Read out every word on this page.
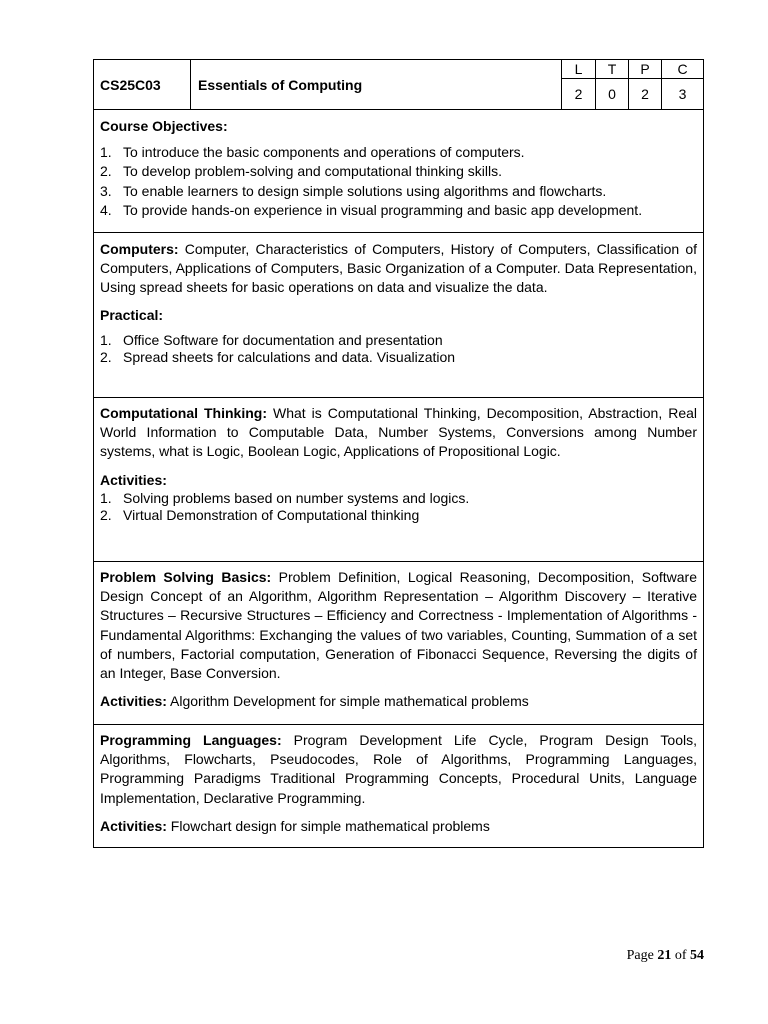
CS25C03	Essentials of Computing
L	T	P	C
2	0	2	3

Course Objectives:

1. To introduce the basic components and operations of computers.
2. To develop problem-solving and computational thinking skills.
3. To enable learners to design simple solutions using algorithms and flowcharts.
4. To provide hands-on experience in visual programming and basic app development.

Computers: Computer, Characteristics of Computers, History of Computers, Classification of Computers, Applications of Computers, Basic Organization of a Computer. Data Representation, Using spread sheets for basic operations on data and visualize the data.

Practical:

1. Office Software for documentation and presentation
2. Spread sheets for calculations and data. Visualization

Computational Thinking: What is Computational Thinking, Decomposition, Abstraction, Real World Information to Computable Data, Number Systems, Conversions among Number systems, what is Logic, Boolean Logic, Applications of Propositional Logic.

Activities:

1. Solving problems based on number systems and logics.
2. Virtual Demonstration of Computational thinking

Problem Solving Basics: Problem Definition, Logical Reasoning, Decomposition, Software Design Concept of an Algorithm, Algorithm Representation – Algorithm Discovery – Iterative Structures – Recursive Structures – Efficiency and Correctness - Implementation of Algorithms - Fundamental Algorithms: Exchanging the values of two variables, Counting, Summation of a set of numbers, Factorial computation, Generation of Fibonacci Sequence, Reversing the digits of an Integer, Base Conversion.

Activities: Algorithm Development for simple mathematical problems

Programming Languages: Program Development Life Cycle, Program Design Tools, Algorithms, Flowcharts, Pseudocodes, Role of Algorithms, Programming Languages, Programming Paradigms Traditional Programming Concepts, Procedural Units, Language Implementation, Declarative Programming.

Activities: Flowchart design for simple mathematical problems

Page 21 of 54
